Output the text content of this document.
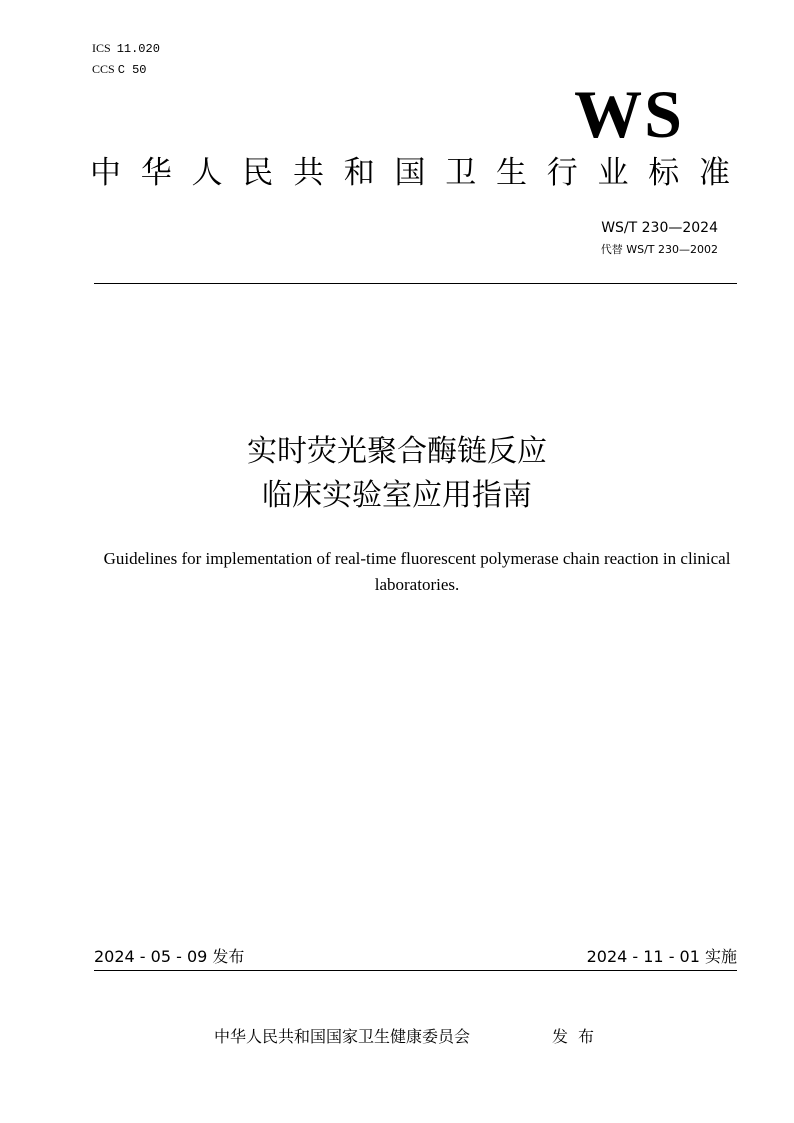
ICS 11.020
CCS C 50
WS
中 华 人 民 共 和 国 卫 生 行 业 标 准
WS/T 230—2024
代替 WS/T 230—2002
实时荧光聚合酶链反应
临床实验室应用指南
Guidelines for implementation of real-time fluorescent polymerase chain reaction in clinical laboratories.
2024 - 05 - 09 发布	2024 - 11 - 01 实施
中华人民共和国国家卫生健康委员会	发布
